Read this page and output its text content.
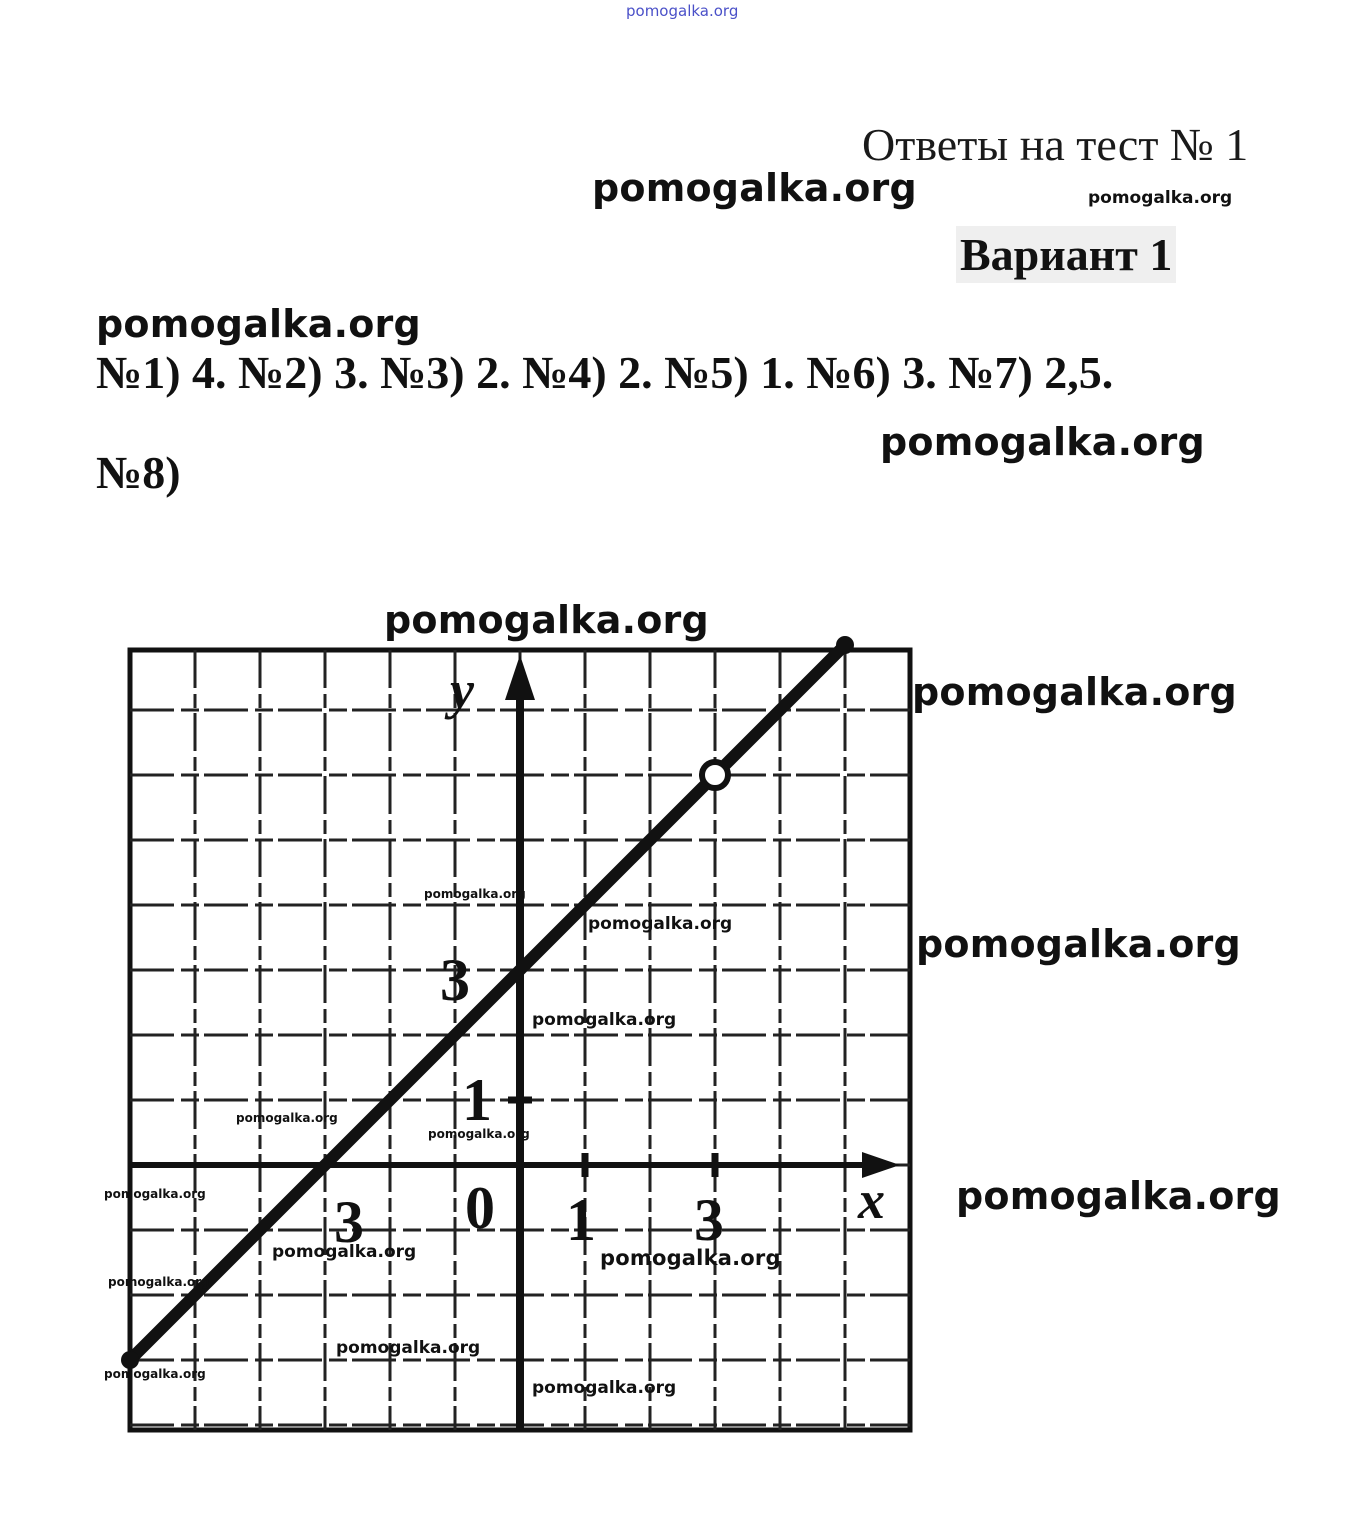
pomogalka.org
Ответы на тест № 1
Вариант 1
№1) 4. №2) 3. №3) 2. №4) 2. №5) 1. №6) 3. №7) 2,5.
№8)
y
x
0
3	1 3
1
3
pomogalka.org	pomogalka.org
pomogalka.org
pomogalka.org
pomogalka.org
pomogalka.org
pomogalka.org
pomogalka.org	pomogalka.org
pomogalka.org
pomogalka.org
pomogalka.org
pomogalka.org
pomogalka.org
pomogalka.org	pomogalka.org
pomogalka.org
pomogalka.org
pomogalka.org
pomogalka.org
